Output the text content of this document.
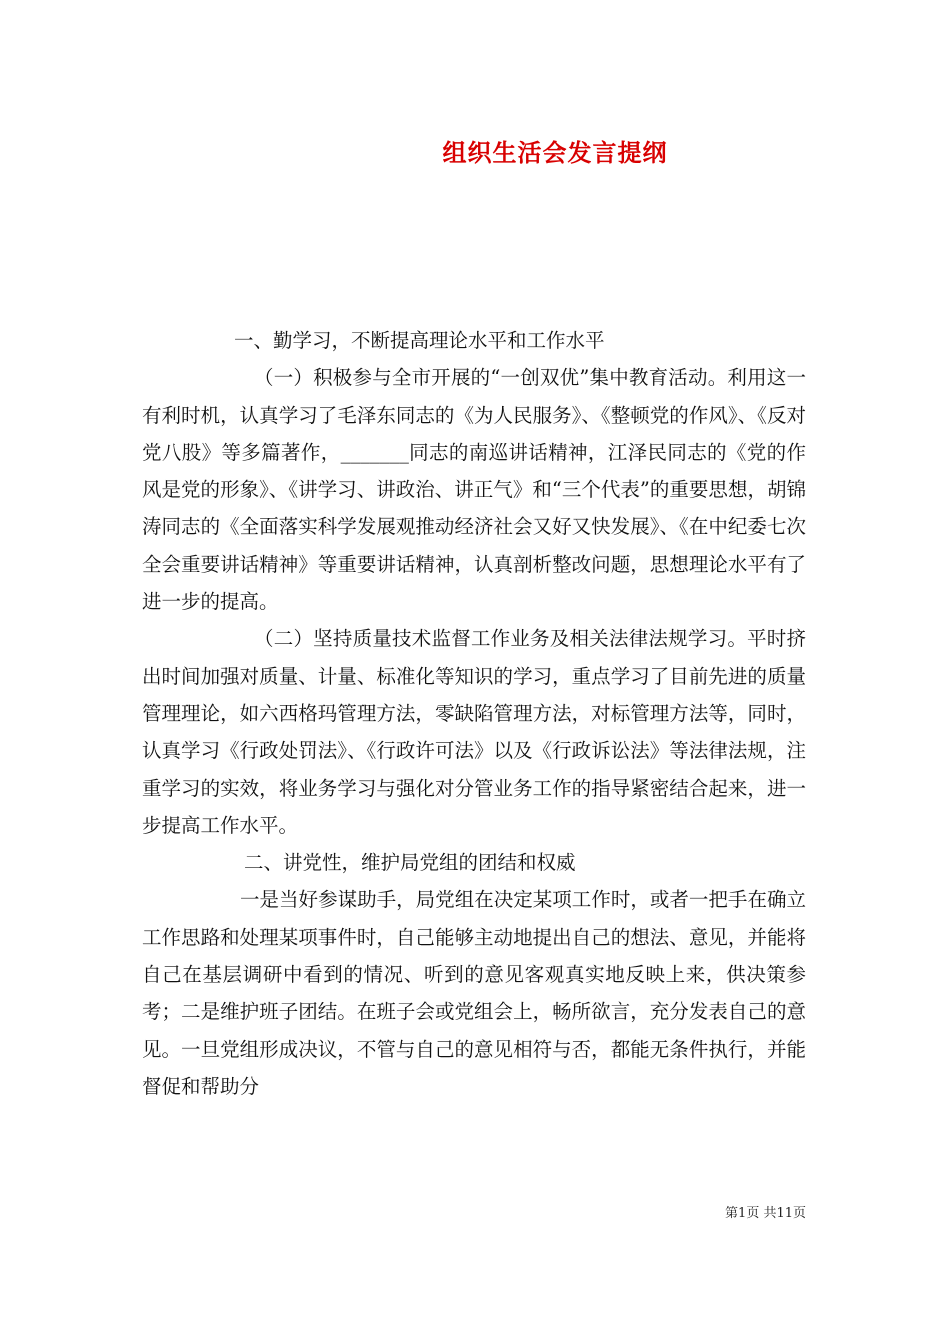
组织生活会发言提纲

一、勤学习，不断提高理论水平和工作水平

（一）积极参与全市开展的“一创双优”集中教育活动。利用这一有利时机，认真学习了毛泽东同志的《为人民服务》、《整顿党的作风》、《反对党八股》等多篇著作，_______同志的南巡讲话精神，江泽民同志的《党的作风是党的形象》、《讲学习、讲政治、讲正气》和“三个代表”的重要思想，胡锦涛同志的《全面落实科学发展观推动经济社会又好又快发展》、《在中纪委七次全会重要讲话精神》等重要讲话精神，认真剖析整改问题，思想理论水平有了进一步的提高。

（二）坚持质量技术监督工作业务及相关法律法规学习。平时挤出时间加强对质量、计量、标准化等知识的学习，重点学习了目前先进的质量管理理论，如六西格玛管理方法，零缺陷管理方法，对标管理方法等，同时，认真学习《行政处罚法》、《行政许可法》以及《行政诉讼法》等法律法规，注重学习的实效，将业务学习与强化对分管业务工作的指导紧密结合起来，进一步提高工作水平。

二、讲党性，维护局党组的团结和权威

一是当好参谋助手，局党组在决定某项工作时，或者一把手在确立工作思路和处理某项事件时，自己能够主动地提出自己的想法、意见，并能将自己在基层调研中看到的情况、听到的意见客观真实地反映上来，供决策参考；二是维护班子团结。在班子会或党组会上，畅所欲言，充分发表自己的意见。一旦党组形成决议，不管与自己的意见相符与否，都能无条件执行，并能督促和帮助分

第1页 共11页
